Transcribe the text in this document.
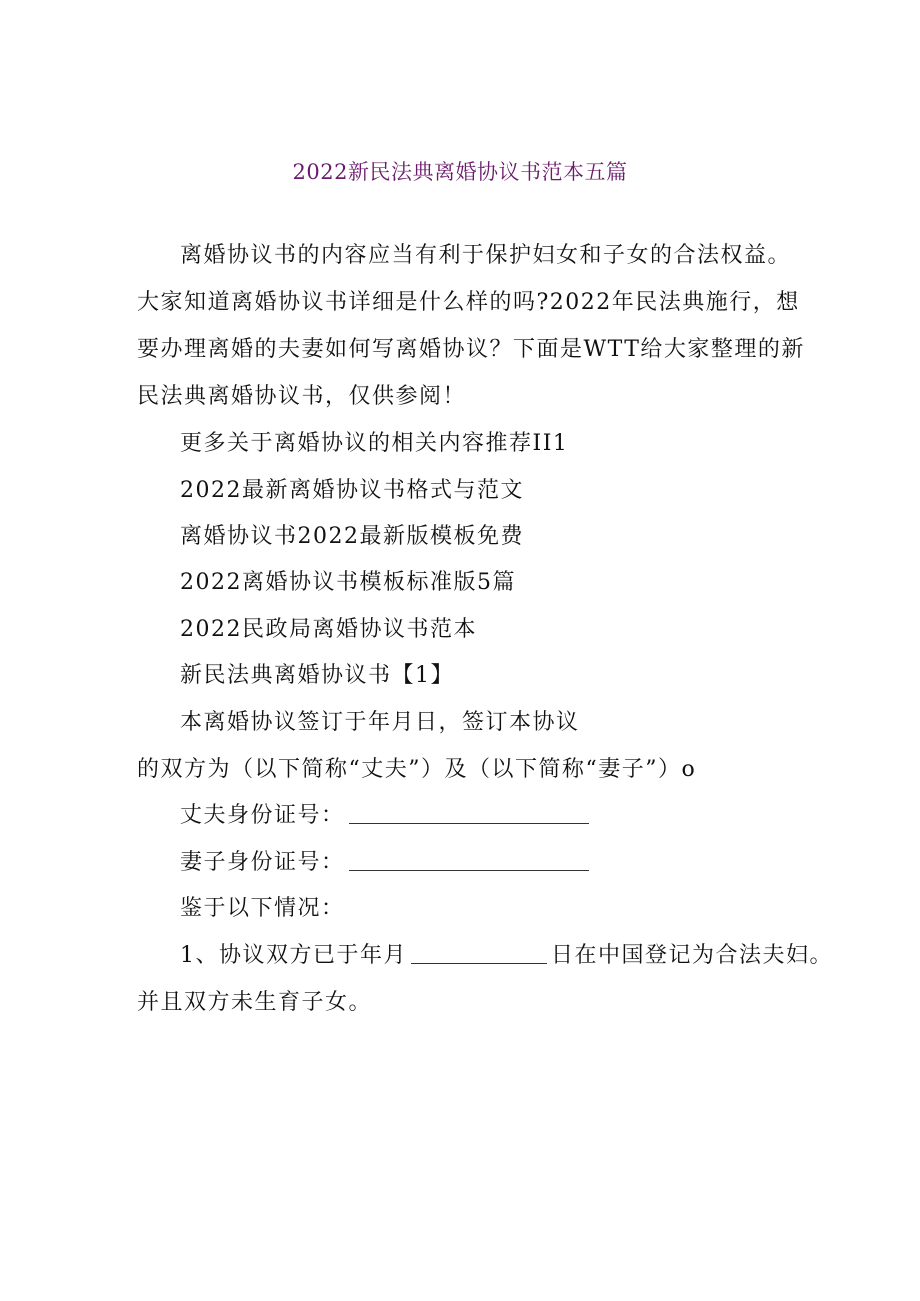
2022新民法典离婚协议书范本五篇
离婚协议书的内容应当有利于保护妇女和子女的合法权益。
大家知道离婚协议书详细是什么样的吗?2022年民法典施行，想
要办理离婚的夫妻如何写离婚协议？下面是WTT给大家整理的新
民法典离婚协议书，仅供参阅！
更多关于离婚协议的相关内容推荐II1
2022最新离婚协议书格式与范文
离婚协议书2022最新版模板免费
2022离婚协议书模板标准版5篇
2022民政局离婚协议书范本
新民法典离婚协议书【1】
本离婚协议签订于年月日，签订本协议
的双方为（以下简称“丈夫”）及（以下简称“妻子”）o
丈夫身份证号：
妻子身份证号：
鉴于以下情况：
1、协议双方已于年月	日在中国登记为合法夫妇。
并且双方未生育子女。
